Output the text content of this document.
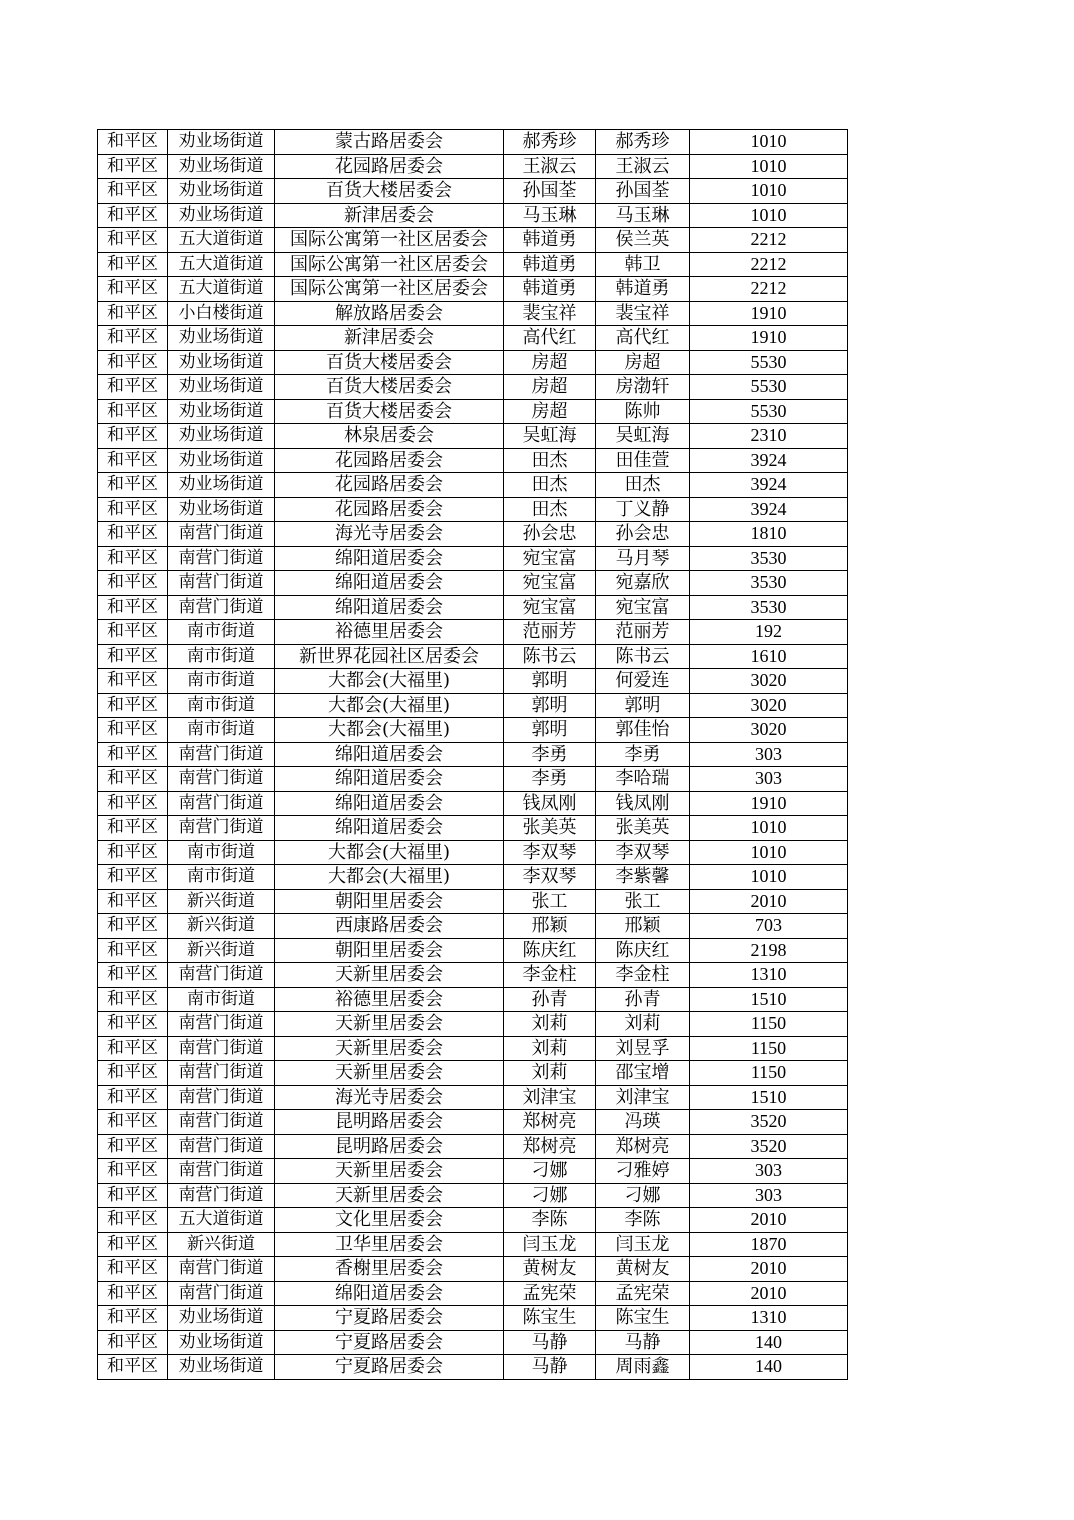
和平区	劝业场街道	蒙古路居委会	郝秀珍	郝秀珍	1010
和平区	劝业场街道	花园路居委会	王淑云	王淑云	1010
和平区	劝业场街道	百货大楼居委会	孙国荃	孙国荃	1010
和平区	劝业场街道	新津居委会	马玉琳	马玉琳	1010
和平区	五大道街道	国际公寓第一社区居委会	韩道勇	侯兰英	2212
和平区	五大道街道	国际公寓第一社区居委会	韩道勇	韩卫	2212
和平区	五大道街道	国际公寓第一社区居委会	韩道勇	韩道勇	2212
和平区	小白楼街道	解放路居委会	裴宝祥	裴宝祥	1910
和平区	劝业场街道	新津居委会	高代红	高代红	1910
和平区	劝业场街道	百货大楼居委会	房超	房超	5530
和平区	劝业场街道	百货大楼居委会	房超	房渤轩	5530
和平区	劝业场街道	百货大楼居委会	房超	陈帅	5530
和平区	劝业场街道	林泉居委会	吴虹海	吴虹海	2310
和平区	劝业场街道	花园路居委会	田杰	田佳萱	3924
和平区	劝业场街道	花园路居委会	田杰	田杰	3924
和平区	劝业场街道	花园路居委会	田杰	丁义静	3924
和平区	南营门街道	海光寺居委会	孙会忠	孙会忠	1810
和平区	南营门街道	绵阳道居委会	宛宝富	马月琴	3530
和平区	南营门街道	绵阳道居委会	宛宝富	宛嘉欣	3530
和平区	南营门街道	绵阳道居委会	宛宝富	宛宝富	3530
和平区	南市街道	裕德里居委会	范丽芳	范丽芳	192
和平区	南市街道	新世界花园社区居委会	陈书云	陈书云	1610
和平区	南市街道	大都会(大福里)	郭明	何爱连	3020
和平区	南市街道	大都会(大福里)	郭明	郭明	3020
和平区	南市街道	大都会(大福里)	郭明	郭佳怡	3020
和平区	南营门街道	绵阳道居委会	李勇	李勇	303
和平区	南营门街道	绵阳道居委会	李勇	李哈瑞	303
和平区	南营门街道	绵阳道居委会	钱凤刚	钱凤刚	1910
和平区	南营门街道	绵阳道居委会	张美英	张美英	1010
和平区	南市街道	大都会(大福里)	李双琴	李双琴	1010
和平区	南市街道	大都会(大福里)	李双琴	李紫馨	1010
和平区	新兴街道	朝阳里居委会	张工	张工	2010
和平区	新兴街道	西康路居委会	邢颖	邢颖	703
和平区	新兴街道	朝阳里居委会	陈庆红	陈庆红	2198
和平区	南营门街道	天新里居委会	李金柱	李金柱	1310
和平区	南市街道	裕德里居委会	孙青	孙青	1510
和平区	南营门街道	天新里居委会	刘莉	刘莉	1150
和平区	南营门街道	天新里居委会	刘莉	刘昱孚	1150
和平区	南营门街道	天新里居委会	刘莉	邵宝增	1150
和平区	南营门街道	海光寺居委会	刘津宝	刘津宝	1510
和平区	南营门街道	昆明路居委会	郑树亮	冯瑛	3520
和平区	南营门街道	昆明路居委会	郑树亮	郑树亮	3520
和平区	南营门街道	天新里居委会	刁娜	刁雅婷	303
和平区	南营门街道	天新里居委会	刁娜	刁娜	303
和平区	五大道街道	文化里居委会	李陈	李陈	2010
和平区	新兴街道	卫华里居委会	闫玉龙	闫玉龙	1870
和平区	南营门街道	香榭里居委会	黄树友	黄树友	2010
和平区	南营门街道	绵阳道居委会	孟宪荣	孟宪荣	2010
和平区	劝业场街道	宁夏路居委会	陈宝生	陈宝生	1310
和平区	劝业场街道	宁夏路居委会	马静	马静	140
和平区	劝业场街道	宁夏路居委会	马静	周雨鑫	140
